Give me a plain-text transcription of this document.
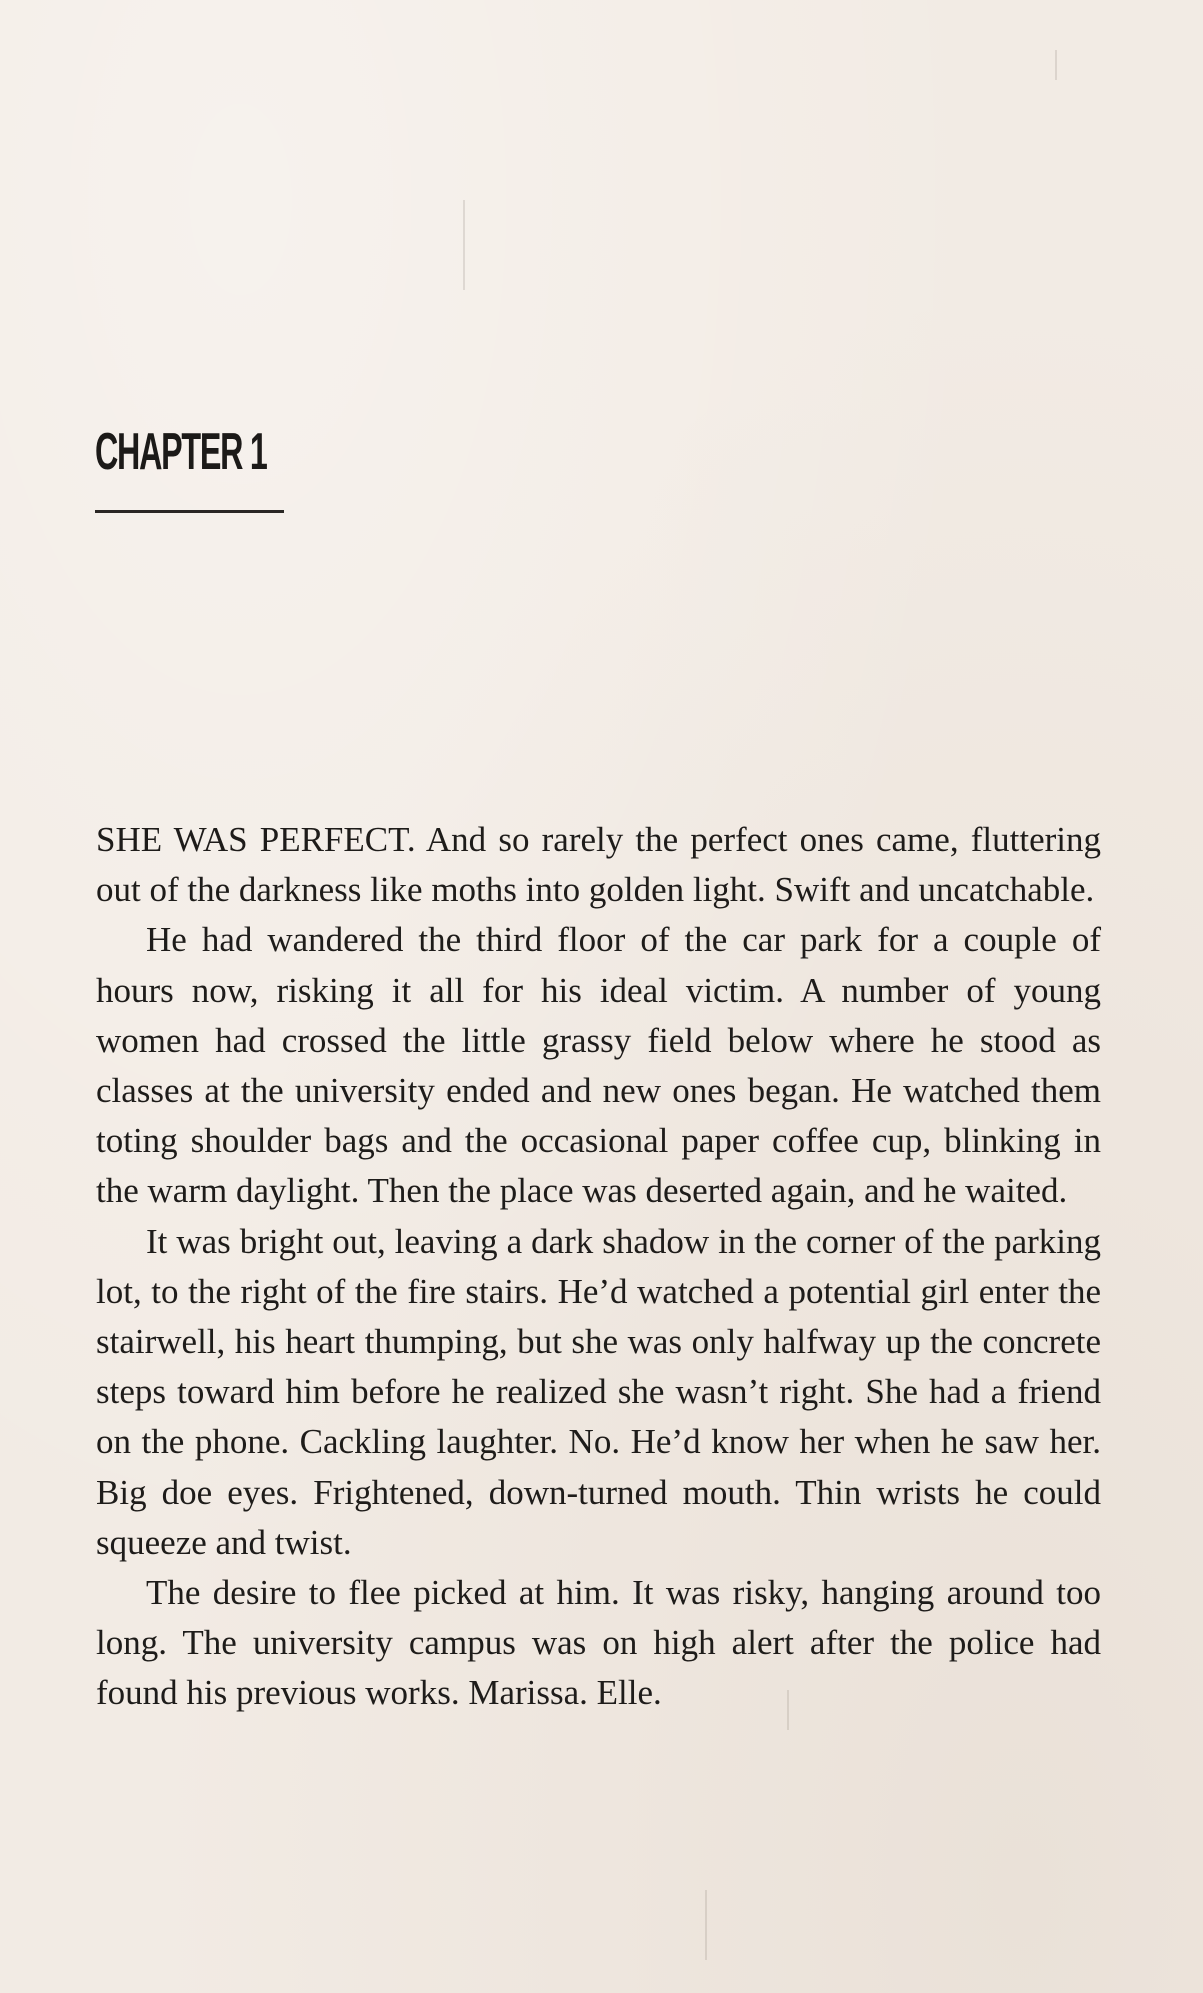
CHAPTER 1

SHE WAS PERFECT. And so rarely the perfect ones came, fluttering out of the darkness like moths into golden light. Swift and uncatchable.

He had wandered the third floor of the car park for a couple of hours now, risking it all for his ideal victim. A number of young women had crossed the little grassy field below where he stood as classes at the university ended and new ones began. He watched them toting shoulder bags and the occasional paper coffee cup, blinking in the warm daylight. Then the place was deserted again, and he waited.

It was bright out, leaving a dark shadow in the corner of the parking lot, to the right of the fire stairs. He’d watched a potential girl enter the stairwell, his heart thumping, but she was only halfway up the concrete steps toward him before he realized she wasn’t right. She had a friend on the phone. Cackling laughter. No. He’d know her when he saw her. Big doe eyes. Frightened, down-turned mouth. Thin wrists he could squeeze and twist.

The desire to flee picked at him. It was risky, hanging around too long. The university campus was on high alert after the police had found his previous works. Marissa. Elle.
